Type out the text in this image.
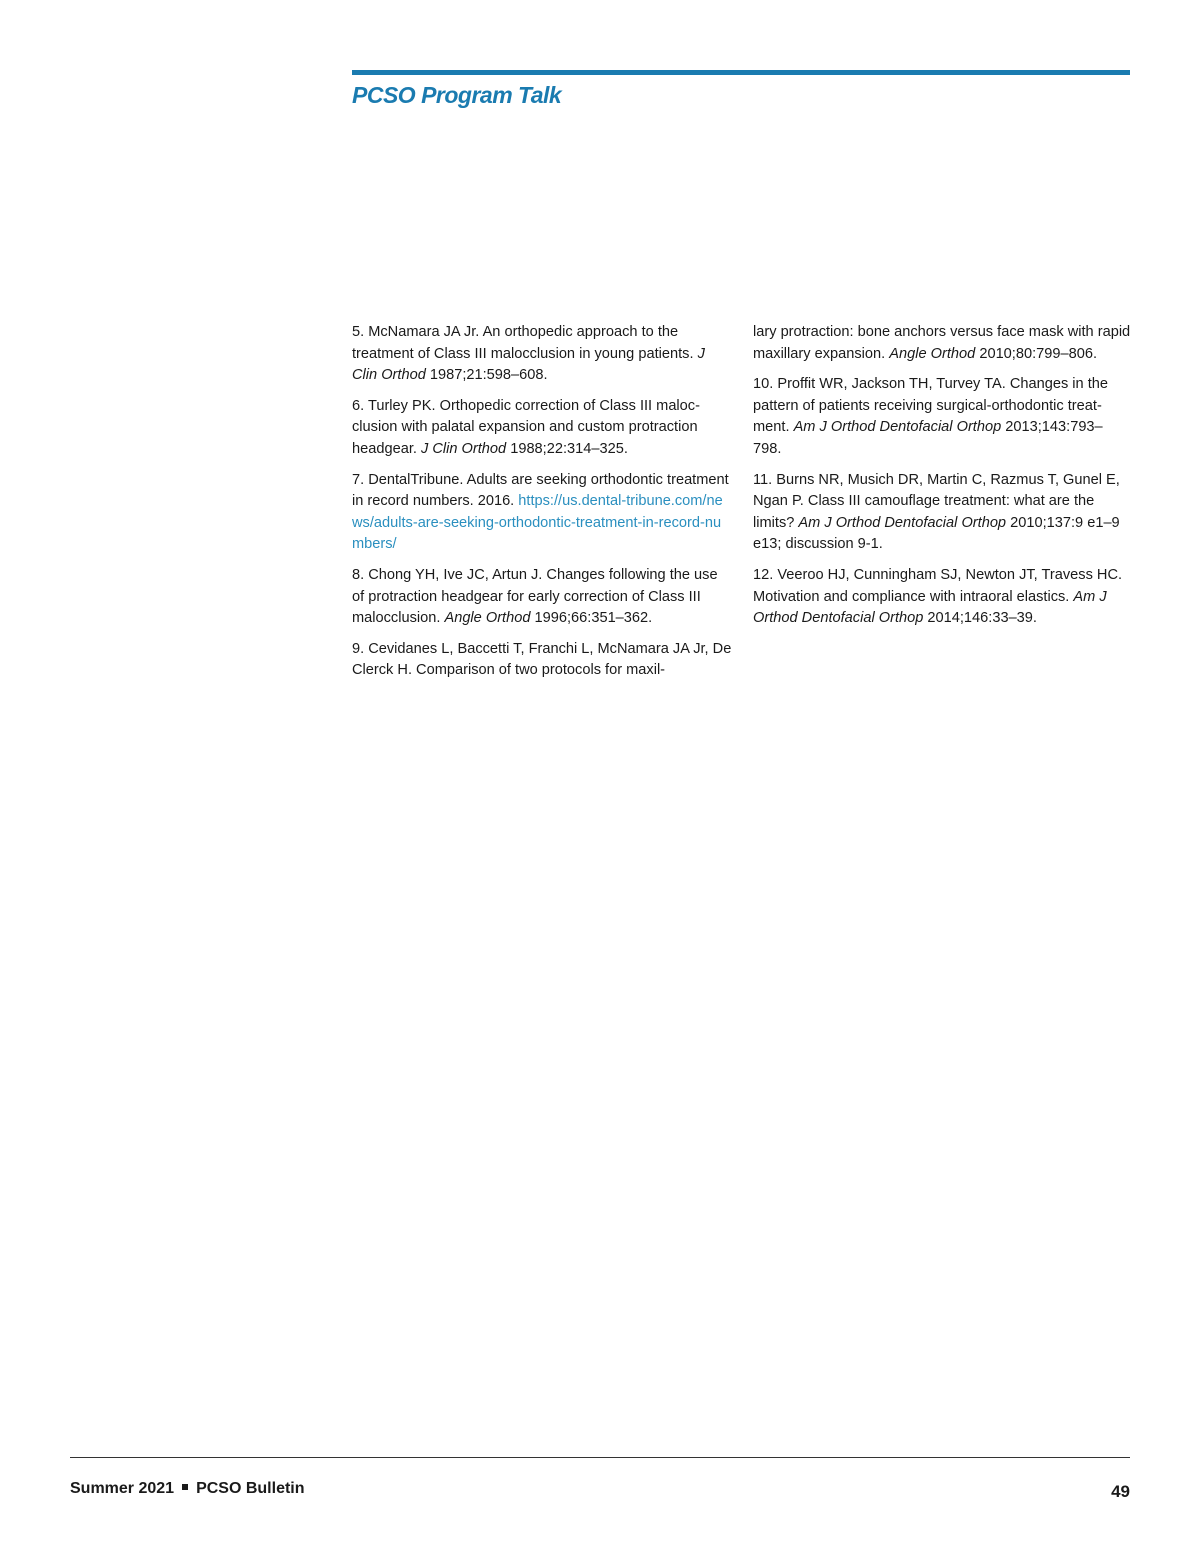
PCSO Program Talk

5. McNamara JA Jr. An orthopedic approach to the treatment of Class III malocclusion in young patients. J Clin Orthod 1987;21:598–608.

6. Turley PK. Orthopedic correction of Class III maloc-clusion with palatal expansion and custom protraction headgear. J Clin Orthod 1988;22:314–325.

7. DentalTribune. Adults are seeking orthodontic treatment in record numbers. 2016. https://us.dental-tribune.com/news/adults-are-seeking-orthodontic-treatment-in-record-numbers/

8. Chong YH, Ive JC, Artun J. Changes following the use of protraction headgear for early correction of Class III malocclusion. Angle Orthod 1996;66:351–362.

9. Cevidanes L, Baccetti T, Franchi L, McNamara JA Jr, De Clerck H. Comparison of two protocols for maxil-

lary protraction: bone anchors versus face mask with rapid maxillary expansion. Angle Orthod 2010;80:799–806.

10. Proffit WR, Jackson TH, Turvey TA. Changes in the pattern of patients receiving surgical-orthodontic treat-ment. Am J Orthod Dentofacial Orthop 2013;143:793–798.

11. Burns NR, Musich DR, Martin C, Razmus T, Gunel E, Ngan P. Class III camouflage treatment: what are the limits? Am J Orthod Dentofacial Orthop 2010;137:9 e1–9 e13; discussion 9-1.

12. Veeroo HJ, Cunningham SJ, Newton JT, Travess HC. Motivation and compliance with intraoral elastics. Am J Orthod Dentofacial Orthop 2014;146:33–39.

Summer 2021 PCSO Bulletin	49
